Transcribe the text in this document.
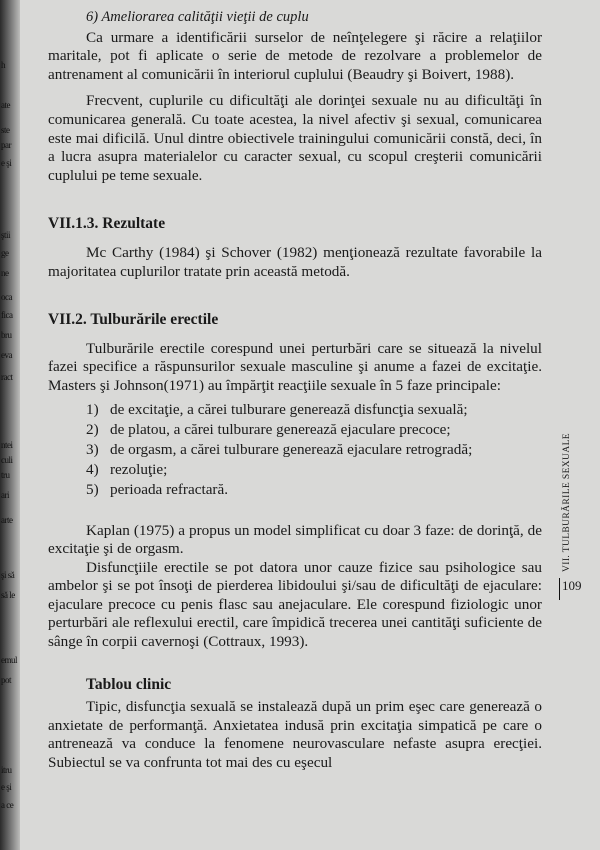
h
ate
ste
par
e şi
ştii
ge
ne
oca
fica
bru
eva
ract
ntei
culi
tru
ari
arte
şi să
să le
emul
pot
itru
e şi
a ce
6) Ameliorarea calităţii vieţii de cuplu

Ca urmare a identificării surselor de neînţelegere şi răcire a relaţiilor maritale, pot fi aplicate o serie de metode de rezolvare a problemelor de antrenament al comunicării în interiorul cuplului (Beaudry şi Boivert, 1988).

Frecvent, cuplurile cu dificultăţi ale dorinţei sexuale nu au dificultăţi în comunicarea generală. Cu toate acestea, la nivel afectiv şi sexual, comunicarea este mai dificilă. Unul dintre obiectivele trainingului comunicării constă, deci, în a lucra asupra materialelor cu caracter sexual, cu scopul creşterii comunicării cuplului pe teme sexuale.

VII.1.3. Rezultate

Mc Carthy (1984) şi Schover (1982) menţionează rezultate favorabile la majoritatea cuplurilor tratate prin această metodă.

VII.2. Tulburările erectile

Tulburările erectile corespund unei perturbări care se situează la nivelul fazei specifice a răspunsurilor sexuale masculine şi anume a fazei de excitaţie. Masters şi Johnson(1971) au împărţit reacţiile sexuale în 5 faze principale:

1) de excitaţie, a cărei tulburare generează disfuncţia sexuală;
2) de platou, a cărei tulburare generează ejaculare precoce;
3) de orgasm, a cărei tulburare generează ejaculare retrogradă;
4) rezoluţie;
5) perioada refractară.

Kaplan (1975) a propus un model simplificat cu doar 3 faze: de dorinţă, de excitaţie şi de orgasm.

Disfuncţiile erectile se pot datora unor cauze fizice sau psihologice sau ambelor şi se pot însoţi de pierderea libidoului şi/sau de dificultăţi de ejaculare: ejaculare precoce cu penis flasc sau anejaculare. Ele corespund fiziologic unor perturbări ale reflexului erectil, care împidică trecerea unei cantităţi suficiente de sânge în corpii cavernoşi (Cottraux, 1993).

Tablou clinic

Tipic, disfuncţia sexuală se instalează după un prim eşec care generează o anxietate de performanţă. Anxietatea indusă prin excitaţia simpatică pe care o antrenează va conduce la fenomene neurovasculare nefaste asupra erecţiei. Subiectul se va confrunta tot mai des cu eşecul

VII. TULBURĂRILE SEXUALE
109
